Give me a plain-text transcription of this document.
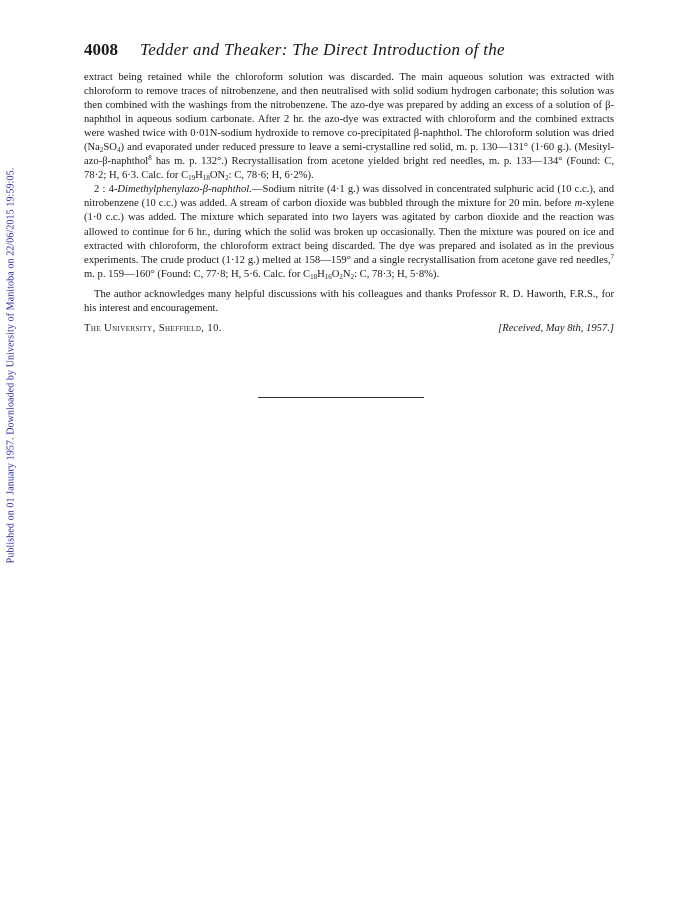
Published on 01 January 1957. Downloaded by University of Manitoba on 22/06/2015 19:59:05.
4008 Tedder and Theaker: The Direct Introduction of the

extract being retained while the chloroform solution was discarded. The main aqueous solution was extracted with chloroform to remove traces of nitrobenzene, and then neutralised with solid sodium hydrogen carbonate; this solution was then combined with the washings from the nitrobenzene. The azo-dye was prepared by adding an excess of a solution of β-naphthol in aqueous sodium carbonate. After 2 hr. the azo-dye was extracted with chloroform and the combined extracts were washed twice with 0·01N-sodium hydroxide to remove co-precipitated β-naphthol. The chloroform solution was dried $(Na_2SO_4)$ and evaporated under reduced pressure to leave a semi-crystalline red solid, m. p. 130—131° (1·60 g.). (Mesityl-azo-β-naphthol$^8$ has m. p. 132°.) Recrystallisation from acetone yielded bright red needles, m. p. 133—134° (Found: C, 78·2; H, 6·3. Calc. for $C_{19}H_{18}ON_2$: C, 78·6; H, 6·2%).

2 : 4-Dimethylphenylazo-β-naphthol.—Sodium nitrite (4·1 g.) was dissolved in concentrated sulphuric acid (10 c.c.), and nitrobenzene (10 c.c.) was added. A stream of carbon dioxide was bubbled through the mixture for 20 min. before m-xylene (1·0 c.c.) was added. The mixture which separated into two layers was agitated by carbon dioxide and the reaction was allowed to continue for 6 hr., during which the solid was broken up occasionally. Then the mixture was poured on ice and extracted with chloroform, the chloroform extract being discarded. The dye was prepared and isolated as in the previous experiments. The crude product (1·12 g.) melted at 158—159° and a single recrystallisation from acetone gave red needles,$^7$ m. p. 159—160° (Found: C, 77·8; H, 5·6. Calc. for $C_{18}H_{16}O_2N_2$: C, 78·3; H, 5·8%).

The author acknowledges many helpful discussions with his colleagues and thanks Professor R. D. Haworth, F.R.S., for his interest and encouragement.

The University, Sheffield, 10.	[Received, May 8th, 1957.]
